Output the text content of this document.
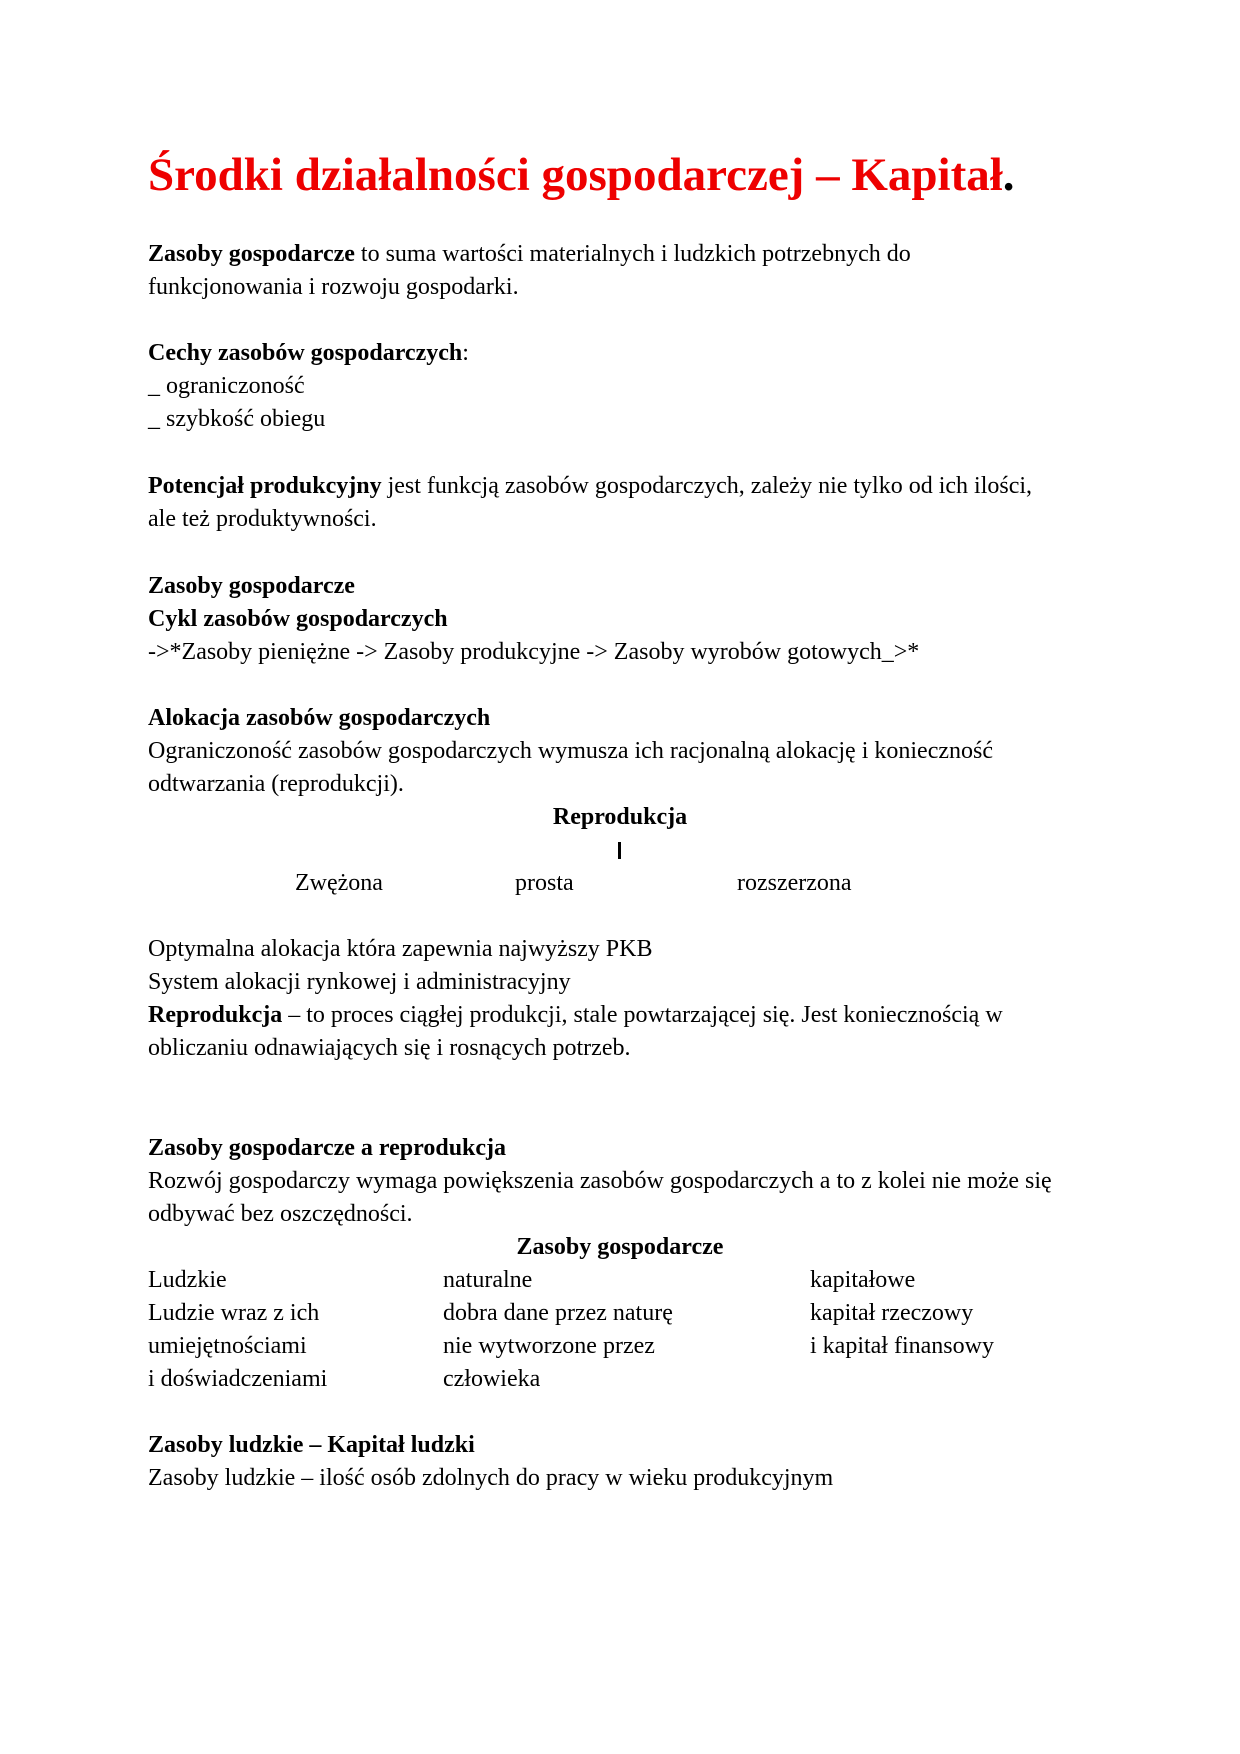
Środki działalności gospodarczej – Kapitał.

Zasoby gospodarcze to suma wartości materialnych i ludzkich potrzebnych do

funkcjonowania i rozwoju gospodarki.

Cechy zasobów gospodarczych:

_ ograniczoność

_ szybkość obiegu

Potencjał produkcyjny jest funkcją zasobów gospodarczych, zależy nie tylko od ich ilości,

ale też produktywności.

Zasoby gospodarcze

Cykl zasobów gospodarczych

->*Zasoby pieniężne -> Zasoby produkcyjne -> Zasoby wyrobów gotowych_>*

Alokacja zasobów gospodarczych

Ograniczoność zasobów gospodarczych wymusza ich racjonalną alokację i konieczność

odtwarzania (reprodukcji).

Reprodukcja

Zwężona	prosta	rozszerzona

Optymalna alokacja która zapewnia najwyższy PKB

System alokacji rynkowej i administracyjny

Reprodukcja – to proces ciągłej produkcji, stale powtarzającej się. Jest koniecznością w

obliczaniu odnawiających się i rosnących potrzeb.

Zasoby gospodarcze a reprodukcja

Rozwój gospodarczy wymaga powiększenia zasobów gospodarczych a to z kolei nie może się

odbywać bez oszczędności.

Zasoby gospodarcze

Ludzkie

Ludzie wraz z ich

umiejętnościami

i doświadczeniami

naturalne

dobra dane przez naturę

nie wytworzone przez

człowieka

kapitałowe

kapitał rzeczowy

i kapitał finansowy

Zasoby ludzkie – Kapitał ludzki

Zasoby ludzkie – ilość osób zdolnych do pracy w wieku produkcyjnym
